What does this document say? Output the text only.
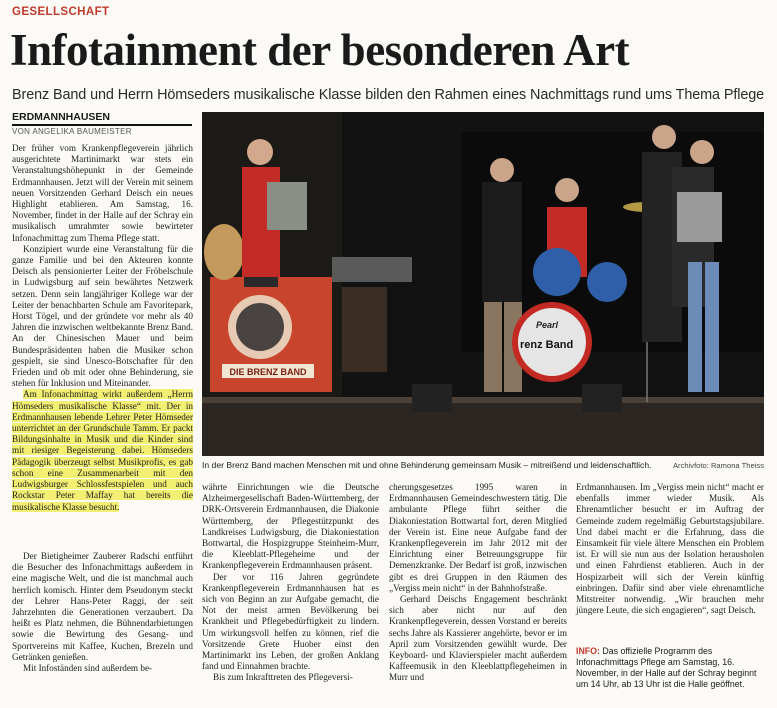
GESELLSCHAFT
Infotainment der besonderen Art
Brenz Band und Herrn Hömseders musikalische Klasse bilden den Rahmen eines Nachmittags rund ums Thema Pflege
ERDMANNHAUSEN
VON ANGELIKA BAUMEISTER

Der früher vom Krankenpflegeverein jährlich ausgerichtete Martinimarkt war stets ein Veranstaltungshöhepunkt in der Gemeinde Erdmannhausen. Jetzt will der Verein mit seinem neuen Vorsitzenden Gerhard Deisch ein neues Highlight etablieren. Am Samstag, 16. November, findet in der Halle auf der Schray ein musikalisch umrahmter sowie bewirteter Infonachmittag zum Thema Pflege statt.

Konzipiert wurde eine Veranstaltung für die ganze Familie und bei den Akteuren konnte Deisch als pensionierter Leiter der Fröbelschule in Ludwigsburg auf sein bewährtes Netzwerk setzen. Denn sein langjähriger Kollege war der Leiter der benachbarten Schule am Favoritepark, Horst Tögel, und der gründete vor mehr als 40 Jahren die inzwischen weltbekannte Brenz Band. An der Chinesischen Mauer und beim Bundespräsidenten haben die Musiker schon gespielt, sie sind Unesco-Botschafter für den Frieden und ob mit oder ohne Behinderung, sie stehen für Inklusion und Miteinander.

Am Infonachmittag wirkt außerdem „Herrn Hömseders musikalische Klasse“ mit. Der in Erdmannhausen lebende Lehrer Peter Hömseder unterrichtet an der Grundschule Tamm. Er packt Bildungsinhalte in Musik und die Kinder sind mit riesiger Begeisterung dabei. Hömseders Pädagogik überzeugt selbst Musikprofis, es gab schon eine Zusammenarbeit mit den Ludwigsburger Schlossfestspielen und auch Rockstar Peter Maffay hat bereits die musikalische Klasse besucht.

Der Bietigheimer Zauberer Radschi entführt die Besucher des Infonachmittags außerdem in eine magische Welt, und die ist manchmal auch herrlich komisch. Hinter dem Pseudonym steckt der Lehrer Hans-Peter Raggi, der seit Jahrzehnten die Generationen verzaubert. Da heißt es Platz nehmen, die Bühnendarbietungen sowie die Bewirtung des Gesang- und Sportvereins mit Kaffee, Kuchen, Brezeln und Getränken genießen.

Mit Infoständen sind außerdem be-

DIE BRENZ BAND
Pearl
renz Band
In der Brenz Band machen Menschen mit und ohne Behinderung gemeinsam Musik – mitreißend und leidenschaftlich.	Archivfoto: Ramona Theiss

währte Einrichtungen wie die Deutsche Alzheimergesellschaft Baden-Württemberg, der DRK-Ortsverein Erdmannhausen, die Diakonie Württemberg, der Pflegestützpunkt des Landkreises Ludwigsburg, die Diakoniestation Bottwartal, die Hospizgruppe Steinheim-Murr, die Kleeblatt-Pflegeheime und der Krankenpflegeverein Erdmannhausen präsent.

Der vor 116 Jahren gegründete Krankenpflegeverein Erdmannhausen hat es sich von Beginn an zur Aufgabe gemacht, die Not der meist armen Bevölkerung bei Krankheit und Pflegebedürftigkeit zu lindern. Um wirkungsvoll helfen zu können, rief die Vorsitzende Grete Huober einst den Martinimarkt ins Leben, der großen Anklang fand und Einnahmen brachte.

Bis zum Inkrafttreten des Pflegeversi-

cherungsgesetzes 1995 waren in Erdmannhausen Gemeindeschwestern tätig. Die ambulante Pflege führt seither die Diakoniestation Bottwartal fort, deren Mitglied der Verein ist. Eine neue Aufgabe fand der Krankenpflegeverein im Jahr 2012 mit der Einrichtung einer Betreuungsgruppe für Demenzkranke. Der Bedarf ist groß, inzwischen gibt es drei Gruppen in den Räumen des „Vergiss mein nicht“ in der Bahnhofstraße.

Gerhard Deischs Engagement beschränkt sich aber nicht nur auf den Krankenpflegeverein, dessen Vorstand er bereits sechs Jahre als Kassierer angehörte, bevor er im April zum Vorsitzenden gewählt wurde. Der Keyboard- und Klavierspieler macht außerdem Kaffeemusik in den Kleeblattpflegeheimen in Murr und

Erdmannhausen. Im „Vergiss mein nicht“ macht er ebenfalls immer wieder Musik. Als Ehrenamtlicher besucht er im Auftrag der Gemeinde zudem regelmäßig Geburtstagsjubilare. Und dabei macht er die Erfahrung, dass die Einsamkeit für viele ältere Menschen ein Problem ist. Er will sie nun aus der Isolation herausholen und einen Fahrdienst etablieren. Auch in der Hospizarbeit will sich der Verein künftig einbringen. Dafür sind aber viele ehrenamtliche Mitstreiter notwendig. „Wir brauchen mehr jüngere Leute, die sich engagieren“, sagt Deisch.

INFO: Das offizielle Programm des Infonachmittags Pflege am Samstag, 16. November, in der Halle auf der Schray beginnt um 14 Uhr, ab 13 Uhr ist die Halle geöffnet.
